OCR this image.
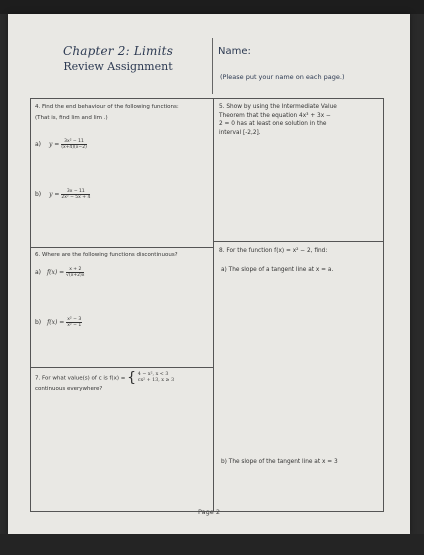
Chapter 2: Limits
Review Assignment
Name:
(Please put your name on each page.)
4. Find the end behaviour of the following functions:
(That is, find lim and lim .)
a) $y = \frac{\text{3x² − 11}}{(x+4)(x-2)}$
b) $y = \frac{3x - 11}{\text{2x² − 5x + 4}}$
5. Show by using the Intermediate Value
Theorem that the equation 4x³ + 3x −
2 = 0 has at least one solution in the
interval [-2,2].
6. Where are the following functions discontinuous?
a) $f(x) = \frac{x + 2}{√(x+2)x}$
b) $f(x) = \frac{\text{x² − 3}}{\text{x² − 1}}$
7. For what value(s) of c is f(x) = { 4 − x², x < 3
cx² + 13, x ≥ 3
continuous everywhere?
8. For the function f(x) = x² − 2, find:
a) The slope of a tangent line at x = a.
b) The slope of the tangent line at x = 3
Page 2
